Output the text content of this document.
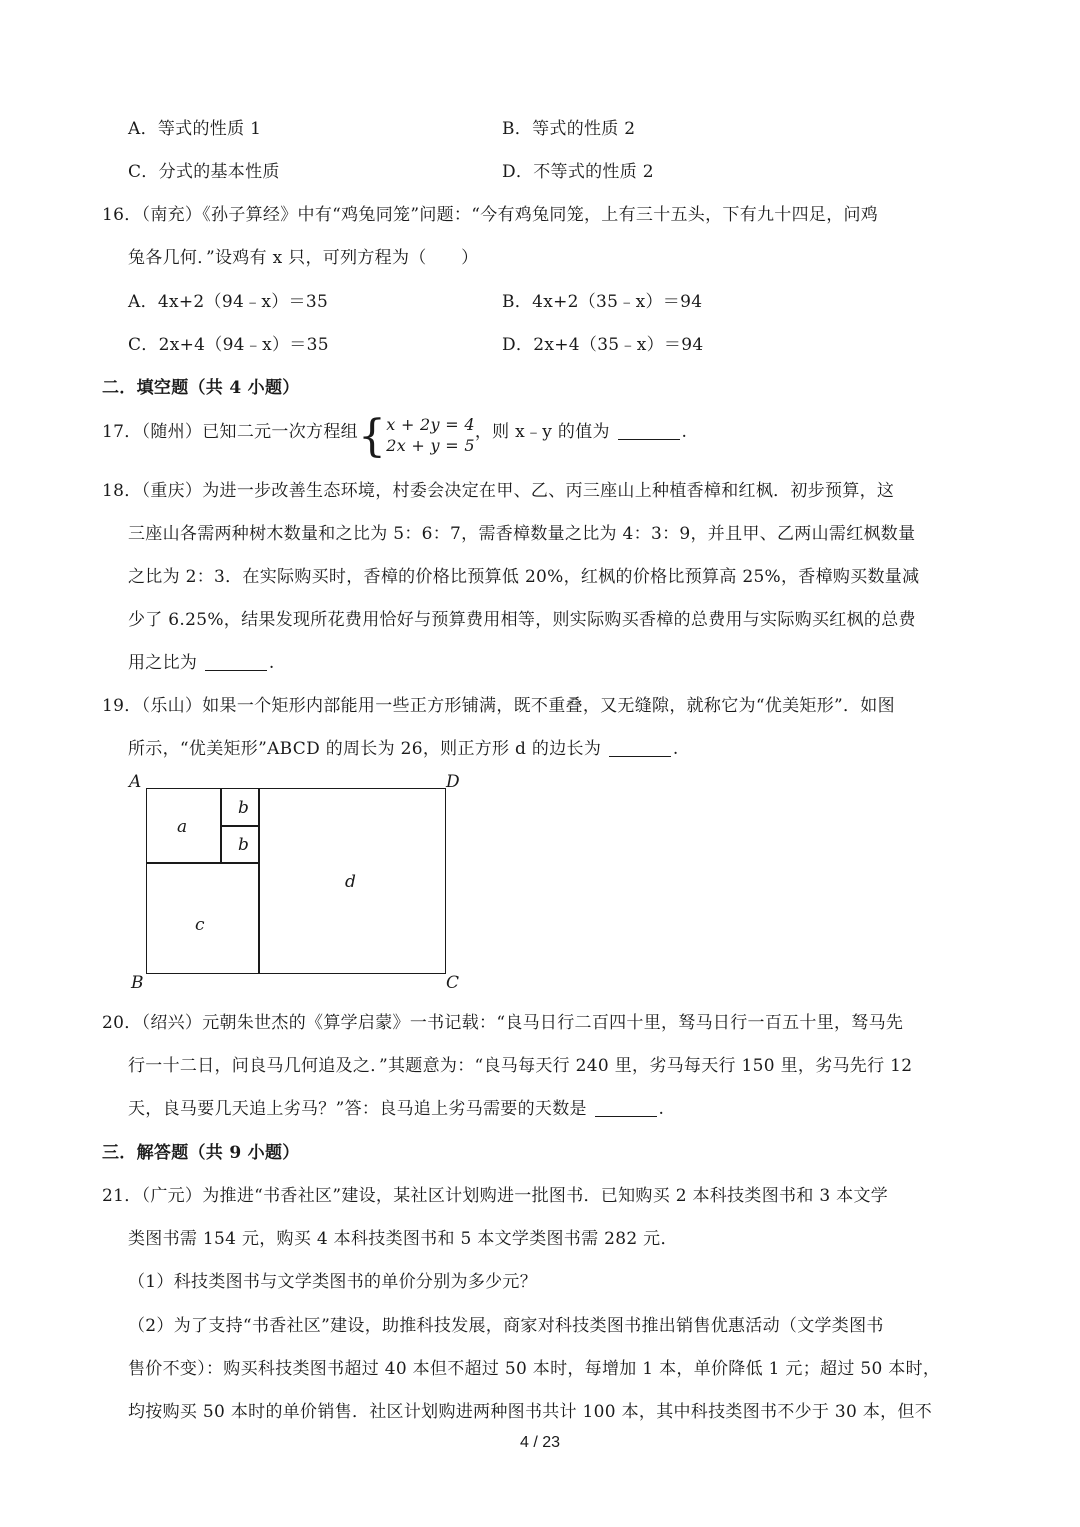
A．等式的性质 1	B．等式的性质 2
C．分式的基本性质	D．不等式的性质 2
16．（南充）《孙子算经》中有“鸡兔同笼”问题：“今有鸡兔同笼，上有三十五头，下有九十四足，问鸡
兔各几何．”设鸡有 x 只，可列方程为（　　）
A．4x+2（94﹣x）＝35	B．4x+2（35﹣x）＝94
C．2x+4（94﹣x）＝35	D．2x+4（35﹣x）＝94
二．填空题（共 4 小题）
17．（随州）已知二元一次方程组{ x + 2y = 4
2x + y = 5
，则 x﹣y 的值为	.
18．（重庆）为进一步改善生态环境，村委会决定在甲、乙、丙三座山上种植香樟和红枫．初步预算，这
三座山各需两种树木数量和之比为 5：6：7，需香樟数量之比为 4：3：9，并且甲、乙两山需红枫数量
之比为 2：3．在实际购买时，香樟的价格比预算低 20%，红枫的价格比预算高 25%，香樟购买数量减
少了 6.25%，结果发现所花费用恰好与预算费用相等，则实际购买香樟的总费用与实际购买红枫的总费
用之比为	.
19．（乐山）如果一个矩形内部能用一些正方形铺满，既不重叠，又无缝隙，就称它为“优美矩形”．如图
所示，“优美矩形”ABCD 的周长为 26，则正方形 d 的边长为	.
A	D
B	C
a
b
b
c
d
20．（绍兴）元朝朱世杰的《算学启蒙》一书记载：“良马日行二百四十里，驽马日行一百五十里，驽马先
行一十二日，问良马几何追及之．”其题意为：“良马每天行 240 里，劣马每天行 150 里，劣马先行 12
天，良马要几天追上劣马？”答：良马追上劣马需要的天数是	.
三．解答题（共 9 小题）
21．（广元）为推进“书香社区”建设，某社区计划购进一批图书．已知购买 2 本科技类图书和 3 本文学
类图书需 154 元，购买 4 本科技类图书和 5 本文学类图书需 282 元．
（1）科技类图书与文学类图书的单价分别为多少元？
（2）为了支持“书香社区”建设，助推科技发展，商家对科技类图书推出销售优惠活动（文学类图书
售价不变）：购买科技类图书超过 40 本但不超过 50 本时，每增加 1 本，单价降低 1 元；超过 50 本时，
均按购买 50 本时的单价销售．社区计划购进两种图书共计 100 本，其中科技类图书不少于 30 本，但不
4 / 23
